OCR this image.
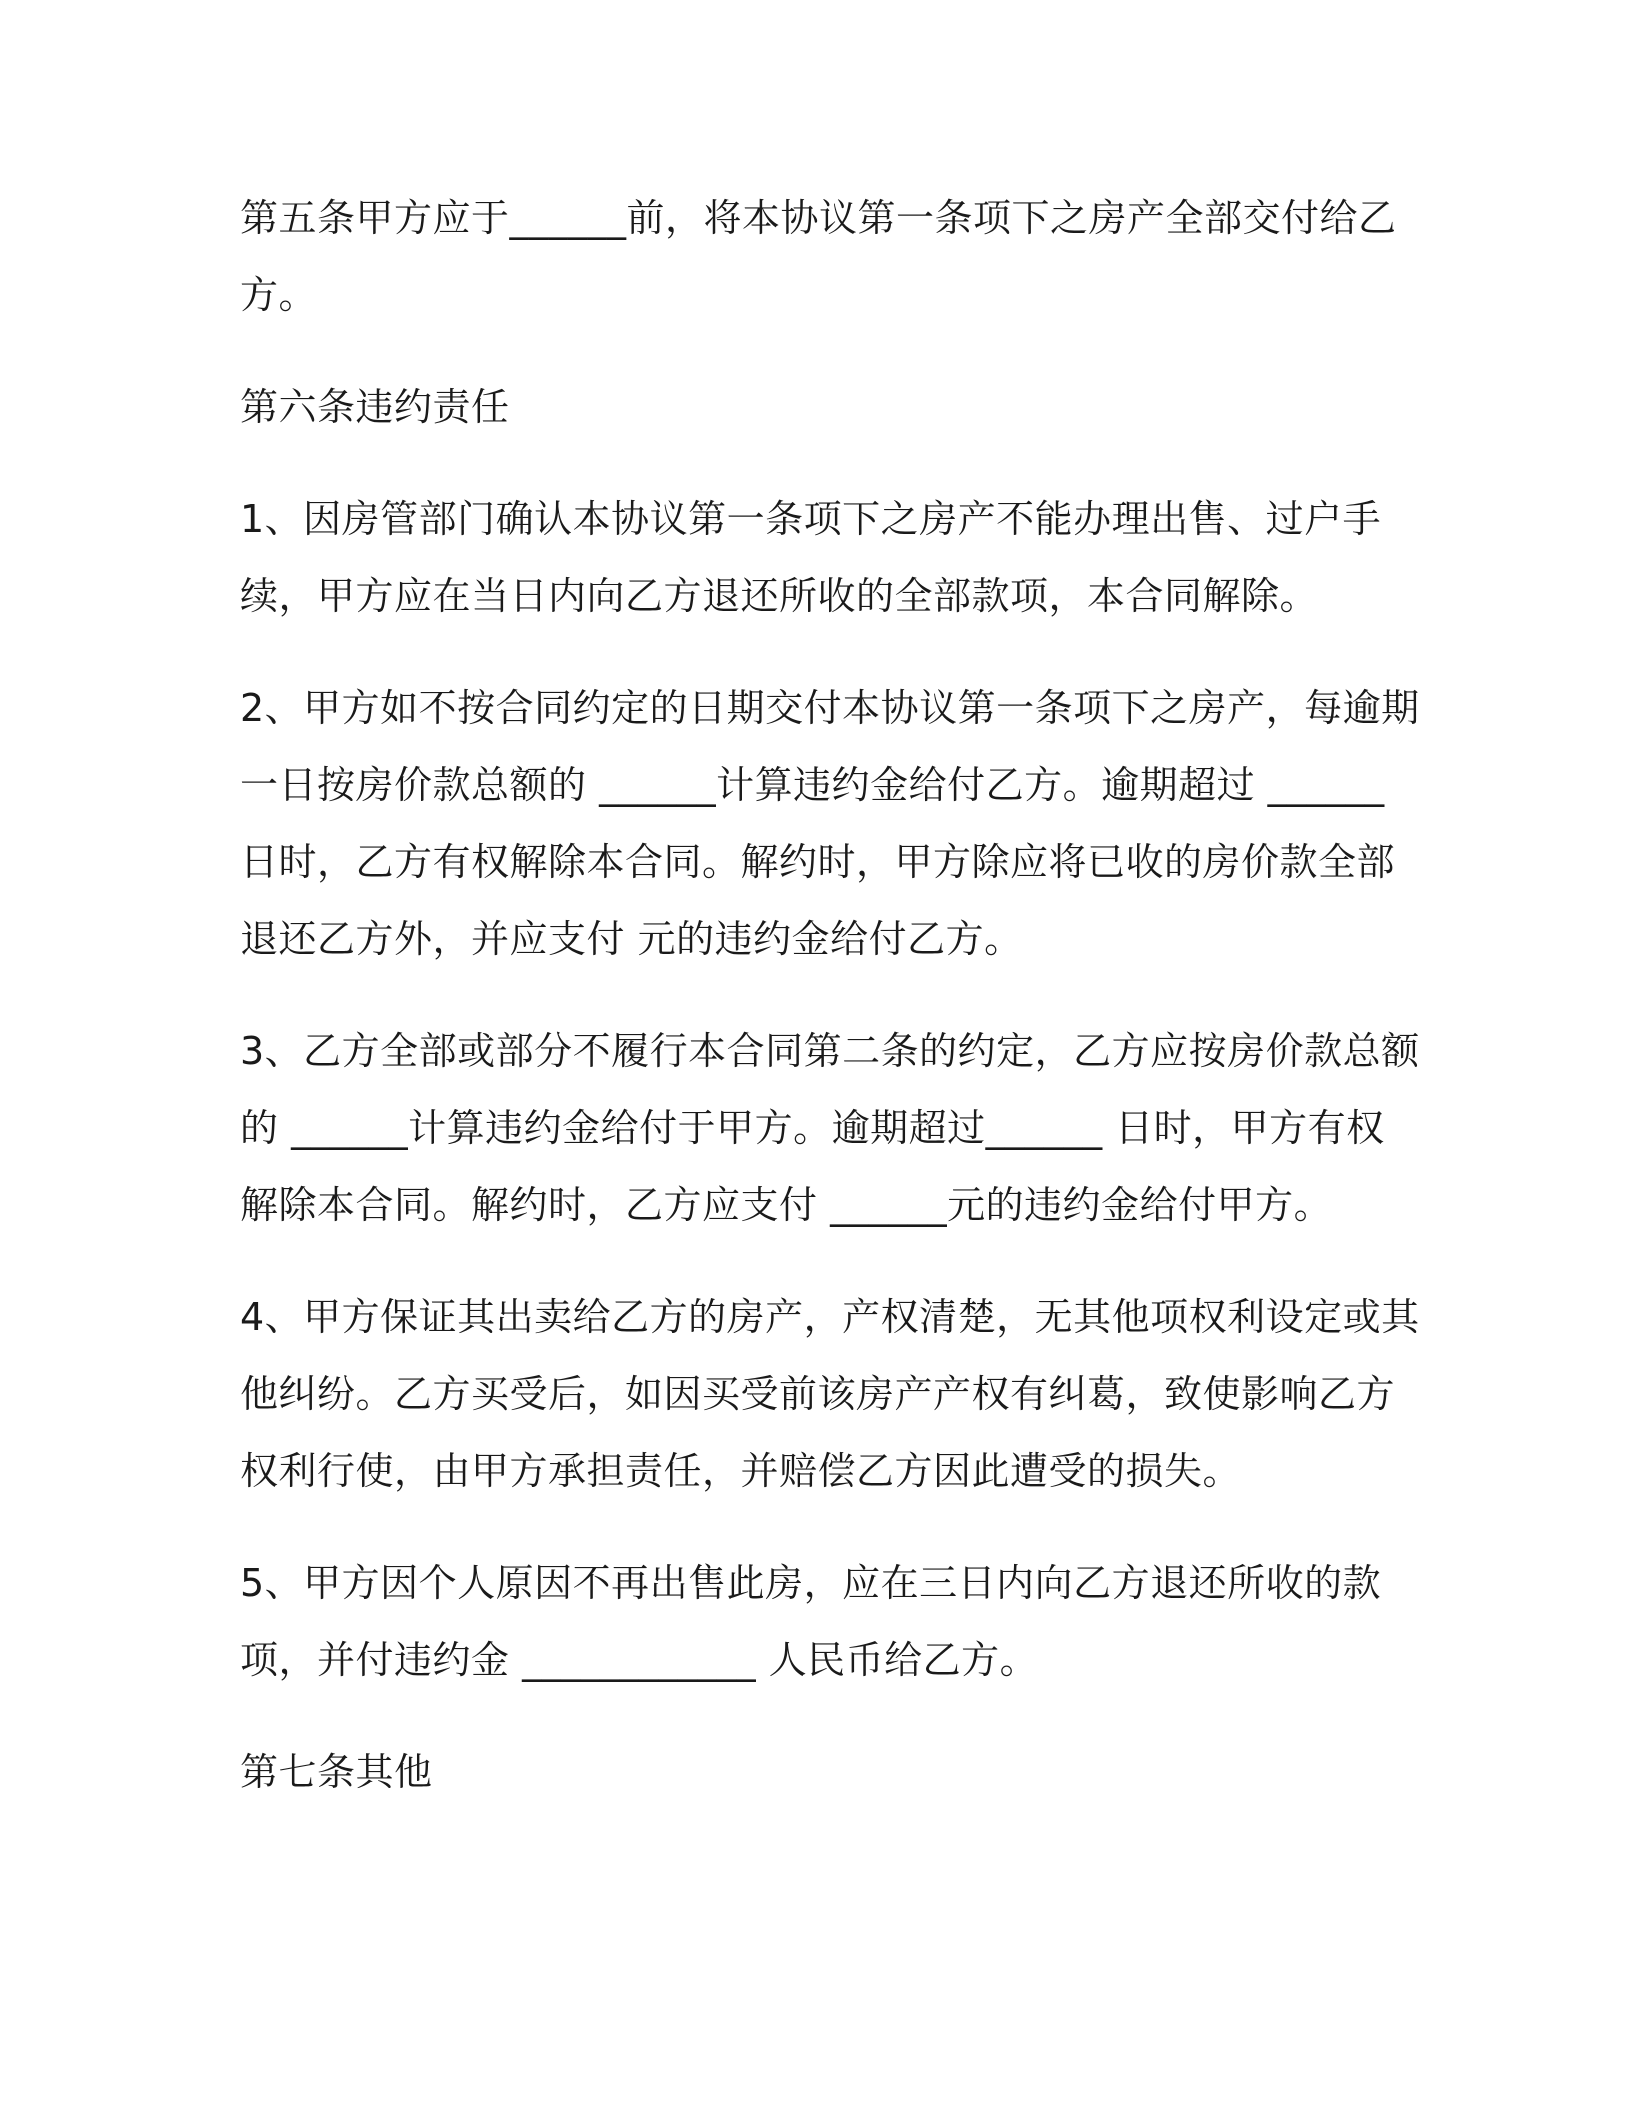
第五条甲方应于______前，将本协议第一条项下之房产全部交付给乙方。

第六条违约责任

1、因房管部门确认本协议第一条项下之房产不能办理出售、过户手续，甲方应在当日内向乙方退还所收的全部款项，本合同解除。

2、甲方如不按合同约定的日期交付本协议第一条项下之房产，每逾期一日按房价款总额的 ______计算违约金给付乙方。逾期超过 ______日时，乙方有权解除本合同。解约时，甲方除应将已收的房价款全部退还乙方外，并应支付 元的违约金给付乙方。

3、乙方全部或部分不履行本合同第二条的约定，乙方应按房价款总额的 ______计算违约金给付于甲方。逾期超过______ 日时，甲方有权解除本合同。解约时，乙方应支付 ______元的违约金给付甲方。

4、甲方保证其出卖给乙方的房产，产权清楚，无其他项权利设定或其他纠纷。乙方买受后，如因买受前该房产产权有纠葛，致使影响乙方权利行使，由甲方承担责任，并赔偿乙方因此遭受的损失。

5、甲方因个人原因不再出售此房，应在三日内向乙方退还所收的款项，并付违约金 ____________ 人民币给乙方。

第七条其他
